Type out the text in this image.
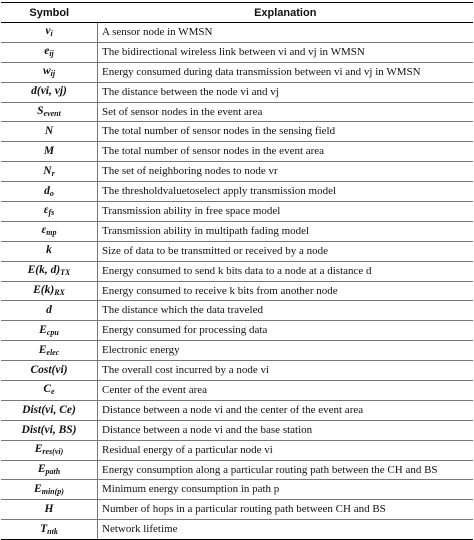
Symbol	Explanation
$v_i$	A sensor node in WMSN
$e_{ij}$	The bidirectional wireless link between vi and vj in WMSN
$w_{ij}$	Energy consumed during data transmission between vi and vj in WMSN
d(vi, vj)	The distance between the node vi and vj
$S_{event}$	Set of sensor nodes in the event area
N	The total number of sensor nodes in the sensing field
M	The total number of sensor nodes in the event area
$N_r$	The set of neighboring nodes to node vr
$d_o$	The thresholdvaluetoselect apply transmission model
$\varepsilon_{fs}$	Transmission ability in free space model
$\varepsilon_{mp}$	Transmission ability in multipath fading model
k	Size of data to be transmitted or received by a node
E(k, $d)_{TX}$	Energy consumed to send k bits data to a node at a distance d
$E(k)_{RX}$	Energy consumed to receive k bits from another node
d	The distance which the data traveled
$E_{cpu}$	Energy consumed for processing data
$E_{elec}$	Electronic energy
Cost(vi)	The overall cost incurred by a node vi
$C_e$	Center of the event area
Dist(vi, Ce)	Distance between a node vi and the center of the event area
Dist(vi, BS)	Distance between a node vi and the base station
$E_{res(vi)}$	Residual energy of a particular node vi
$E_{path}$	Energy consumption along a particular routing path between the CH and BS
$E_{min(p)}$	Minimum energy consumption in path p
H	Number of hops in a particular routing path between CH and BS
$T_{ntk}$	Network lifetime
